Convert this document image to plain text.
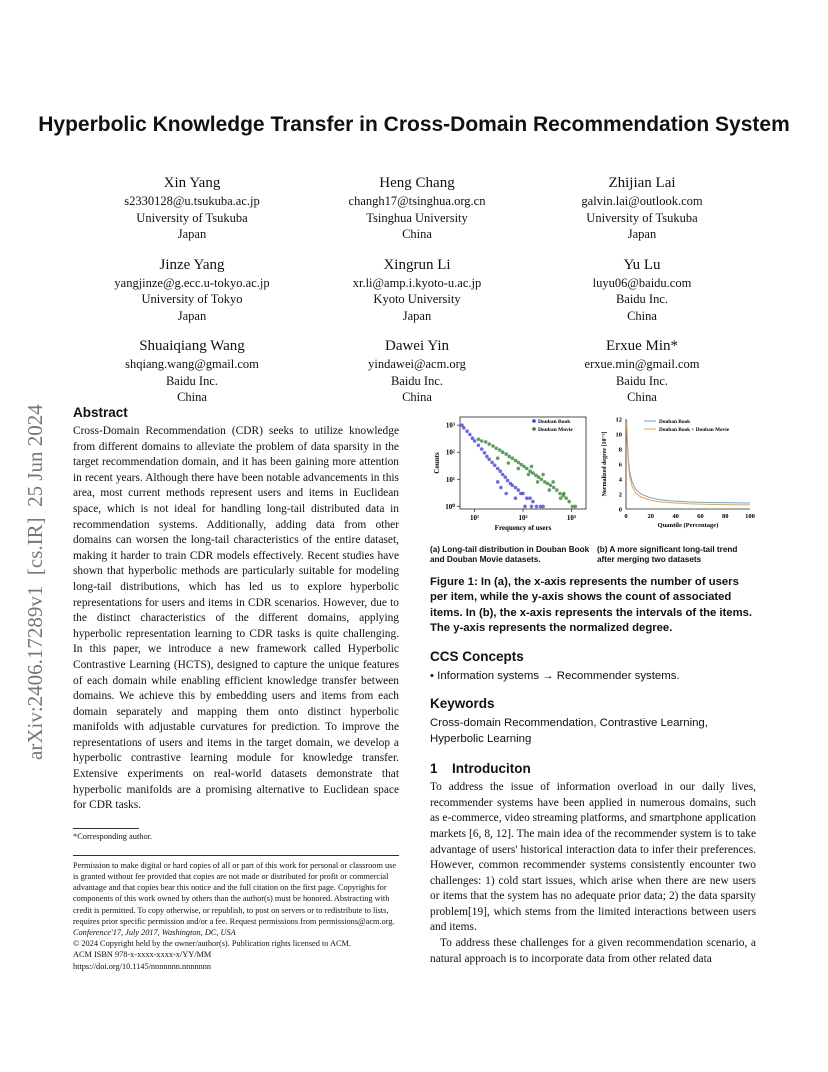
arXiv:2406.17289v1  [cs.IR]  25 Jun 2024
Hyperbolic Knowledge Transfer in Cross-Domain Recommendation System
Xin Yang
s2330128@u.tsukuba.ac.jp
University of Tsukuba
Japan
Heng Chang
changh17@tsinghua.org.cn
Tsinghua University
China
Zhijian Lai
galvin.lai@outlook.com
University of Tsukuba
Japan
Jinze Yang
yangjinze@g.ecc.u-tokyo.ac.jp
University of Tokyo
Japan
Xingrun Li
xr.li@amp.i.kyoto-u.ac.jp
Kyoto University
Japan
Yu Lu
luyu06@baidu.com
Baidu Inc.
China
Shuaiqiang Wang
shqiang.wang@gmail.com
Baidu Inc.
China
Dawei Yin
yindawei@acm.org
Baidu Inc.
China
Erxue Min*
erxue.min@gmail.com
Baidu Inc.
China
Abstract

Cross-Domain Recommendation (CDR) seeks to utilize knowledge from different domains to alleviate the problem of data sparsity in the target recommendation domain, and it has been gaining more attention in recent years. Although there have been notable advancements in this area, most current methods represent users and items in Euclidean space, which is not ideal for handling long-tail distributed data in recommendation systems. Additionally, adding data from other domains can worsen the long-tail characteristics of the entire dataset, making it harder to train CDR models effectively. Recent studies have shown that hyperbolic methods are particularly suitable for modeling long-tail distributions, which has led us to explore hyperbolic representations for users and items in CDR scenarios. However, due to the distinct characteristics of the different domains, applying hyperbolic representation learning to CDR tasks is quite challenging. In this paper, we introduce a new framework called Hyperbolic Contrastive Learning (HCTS), designed to capture the unique features of each domain while enabling efficient knowledge transfer between domains. We achieve this by embedding users and items from each domain separately and mapping them onto distinct hyperbolic manifolds with adjustable curvatures for prediction. To improve the representations of users and items in the target domain, we develop a hyperbolic contrastive learning module for knowledge transfer. Extensive experiments on real-world datasets demonstrate that hyperbolic manifolds are a promising alternative to Euclidean space for CDR tasks.

*Corresponding author.
Permission to make digital or hard copies of all or part of this work for personal or classroom use is granted without fee provided that copies are not made or distributed for profit or commercial advantage and that copies bear this notice and the full citation on the first page. Copyrights for components of this work owned by others than the author(s) must be honored. Abstracting with credit is permitted. To copy otherwise, or republish, to post on servers or to redistribute to lists, requires prior specific permission and/or a fee. Request permissions from permissions@acm.org.
Conference'17, July 2017, Washington, DC, USA
© 2024 Copyright held by the owner/author(s). Publication rights licensed to ACM.
ACM ISBN 978-x-xxxx-xxxx-x/YY/MM
https://doi.org/10.1145/nnnnnnn.nnnnnnn
10¹	10²	10³
10⁰
10¹
10²
10³
Frequency of users
Counts
Douban Book
Douban Movie
0	20	40	60	80	100
0
2
4
6
8
10
12
Quantile (Percentage)
Normalized degree [10⁻²]
Douban Book
Douban Book + Douban Movie
(a) Long-tail distribution in Douban Book and Douban Movie datasets.
(b) A more significant long-tail trend after merging two datasets
Figure 1: In (a), the x-axis represents the number of users per item, while the y-axis shows the count of associated items. In (b), the x-axis represents the intervals of the items. The y-axis represents the normalized degree.
CCS Concepts
• Information systems → Recommender systems.
Keywords
Cross-domain Recommendation, Contrastive Learning, Hyperbolic Learning
1 Introduciton
To address the issue of information overload in our daily lives, recommender systems have been applied in numerous domains, such as e-commerce, video streaming platforms, and smartphone application markets [6, 8, 12]. The main idea of the recommender system is to take advantage of users' historical interaction data to infer their preferences. However, common recommender systems consistently encounter two challenges: 1) cold start issues, which arise when there are new users or items that the system has no adequate prior data; 2) the data sparsity problem[19], which stems from the limited interactions between users and items.
To address these challenges for a given recommendation scenario, a natural approach is to incorporate data from other related data
